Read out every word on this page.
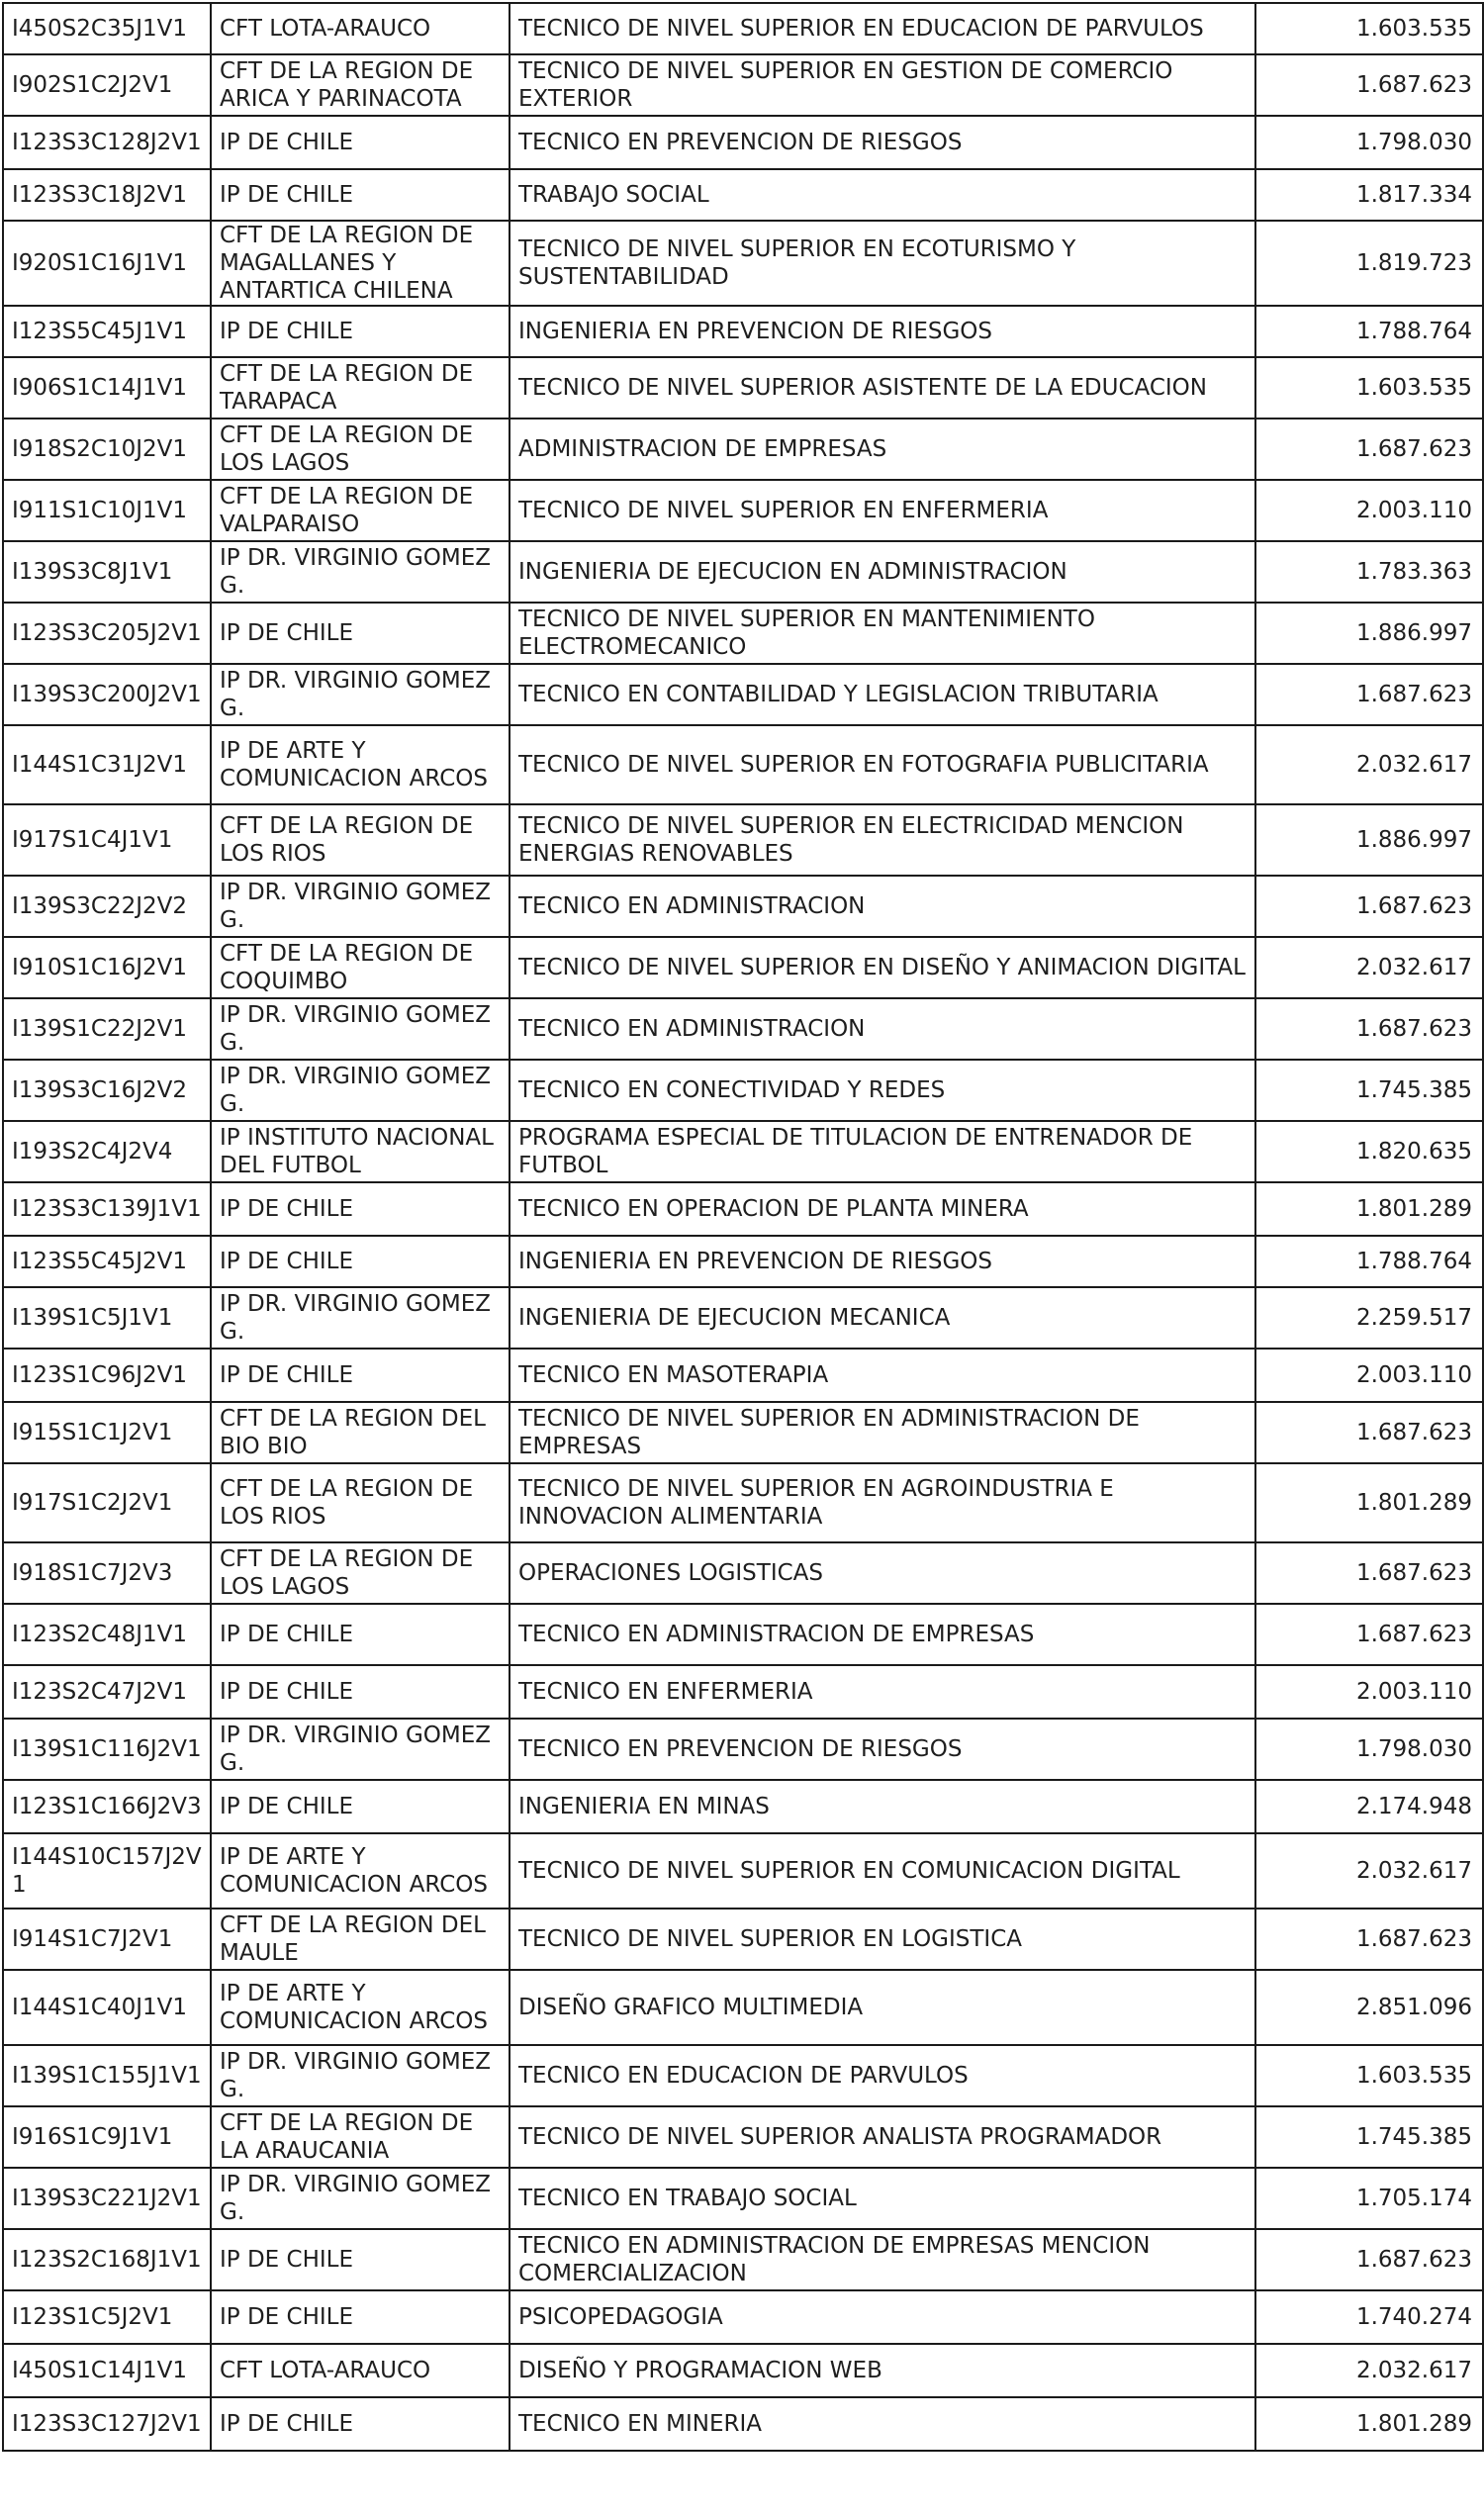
I450S2C35J1V1	CFT LOTA-ARAUCO	TECNICO DE NIVEL SUPERIOR EN EDUCACION DE PARVULOS	1.603.535
I902S1C2J2V1	CFT DE LA REGION DE ARICA Y PARINACOTA	TECNICO DE NIVEL SUPERIOR EN GESTION DE COMERCIO EXTERIOR	1.687.623
I123S3C128J2V1	IP DE CHILE	TECNICO EN PREVENCION DE RIESGOS	1.798.030
I123S3C18J2V1	IP DE CHILE	TRABAJO SOCIAL	1.817.334
I920S1C16J1V1	CFT DE LA REGION DE MAGALLANES Y ANTARTICA CHILENA	TECNICO DE NIVEL SUPERIOR EN ECOTURISMO Y SUSTENTABILIDAD	1.819.723
I123S5C45J1V1	IP DE CHILE	INGENIERIA EN PREVENCION DE RIESGOS	1.788.764
I906S1C14J1V1	CFT DE LA REGION DE TARAPACA	TECNICO DE NIVEL SUPERIOR ASISTENTE DE LA EDUCACION	1.603.535
I918S2C10J2V1	CFT DE LA REGION DE LOS LAGOS	ADMINISTRACION DE EMPRESAS	1.687.623
I911S1C10J1V1	CFT DE LA REGION DE VALPARAISO	TECNICO DE NIVEL SUPERIOR EN ENFERMERIA	2.003.110
I139S3C8J1V1	IP DR. VIRGINIO GOMEZ G.	INGENIERIA DE EJECUCION EN ADMINISTRACION	1.783.363
I123S3C205J2V1	IP DE CHILE	TECNICO DE NIVEL SUPERIOR EN MANTENIMIENTO ELECTROMECANICO	1.886.997
I139S3C200J2V1	IP DR. VIRGINIO GOMEZ G.	TECNICO EN CONTABILIDAD Y LEGISLACION TRIBUTARIA	1.687.623
I144S1C31J2V1	IP DE ARTE Y COMUNICACION ARCOS	TECNICO DE NIVEL SUPERIOR EN FOTOGRAFIA PUBLICITARIA	2.032.617
I917S1C4J1V1	CFT DE LA REGION DE LOS RIOS	TECNICO DE NIVEL SUPERIOR EN ELECTRICIDAD MENCION ENERGIAS RENOVABLES	1.886.997
I139S3C22J2V2	IP DR. VIRGINIO GOMEZ G.	TECNICO EN ADMINISTRACION	1.687.623
I910S1C16J2V1	CFT DE LA REGION DE COQUIMBO	TECNICO DE NIVEL SUPERIOR EN DISEÑO Y ANIMACION DIGITAL	2.032.617
I139S1C22J2V1	IP DR. VIRGINIO GOMEZ G.	TECNICO EN ADMINISTRACION	1.687.623
I139S3C16J2V2	IP DR. VIRGINIO GOMEZ G.	TECNICO EN CONECTIVIDAD Y REDES	1.745.385
I193S2C4J2V4	IP INSTITUTO NACIONAL DEL FUTBOL	PROGRAMA ESPECIAL DE TITULACION DE ENTRENADOR DE FUTBOL	1.820.635
I123S3C139J1V1	IP DE CHILE	TECNICO EN OPERACION DE PLANTA MINERA	1.801.289
I123S5C45J2V1	IP DE CHILE	INGENIERIA EN PREVENCION DE RIESGOS	1.788.764
I139S1C5J1V1	IP DR. VIRGINIO GOMEZ G.	INGENIERIA DE EJECUCION MECANICA	2.259.517
I123S1C96J2V1	IP DE CHILE	TECNICO EN MASOTERAPIA	2.003.110
I915S1C1J2V1	CFT DE LA REGION DEL BIO BIO	TECNICO DE NIVEL SUPERIOR EN ADMINISTRACION DE EMPRESAS	1.687.623
I917S1C2J2V1	CFT DE LA REGION DE LOS RIOS	TECNICO DE NIVEL SUPERIOR EN AGROINDUSTRIA E INNOVACION ALIMENTARIA	1.801.289
I918S1C7J2V3	CFT DE LA REGION DE LOS LAGOS	OPERACIONES LOGISTICAS	1.687.623
I123S2C48J1V1	IP DE CHILE	TECNICO EN ADMINISTRACION DE EMPRESAS	1.687.623
I123S2C47J2V1	IP DE CHILE	TECNICO EN ENFERMERIA	2.003.110
I139S1C116J2V1	IP DR. VIRGINIO GOMEZ G.	TECNICO EN PREVENCION DE RIESGOS	1.798.030
I123S1C166J2V3	IP DE CHILE	INGENIERIA EN MINAS	2.174.948
I144S10C157J2V1	IP DE ARTE Y COMUNICACION ARCOS	TECNICO DE NIVEL SUPERIOR EN COMUNICACION DIGITAL	2.032.617
I914S1C7J2V1	CFT DE LA REGION DEL MAULE	TECNICO DE NIVEL SUPERIOR EN LOGISTICA	1.687.623
I144S1C40J1V1	IP DE ARTE Y COMUNICACION ARCOS	DISEÑO GRAFICO MULTIMEDIA	2.851.096
I139S1C155J1V1	IP DR. VIRGINIO GOMEZ G.	TECNICO EN EDUCACION DE PARVULOS	1.603.535
I916S1C9J1V1	CFT DE LA REGION DE LA ARAUCANIA	TECNICO DE NIVEL SUPERIOR ANALISTA PROGRAMADOR	1.745.385
I139S3C221J2V1	IP DR. VIRGINIO GOMEZ G.	TECNICO EN TRABAJO SOCIAL	1.705.174
I123S2C168J1V1	IP DE CHILE	TECNICO EN ADMINISTRACION DE EMPRESAS MENCION COMERCIALIZACION	1.687.623
I123S1C5J2V1	IP DE CHILE	PSICOPEDAGOGIA	1.740.274
I450S1C14J1V1	CFT LOTA-ARAUCO	DISEÑO Y PROGRAMACION WEB	2.032.617
I123S3C127J2V1	IP DE CHILE	TECNICO EN MINERIA	1.801.289
